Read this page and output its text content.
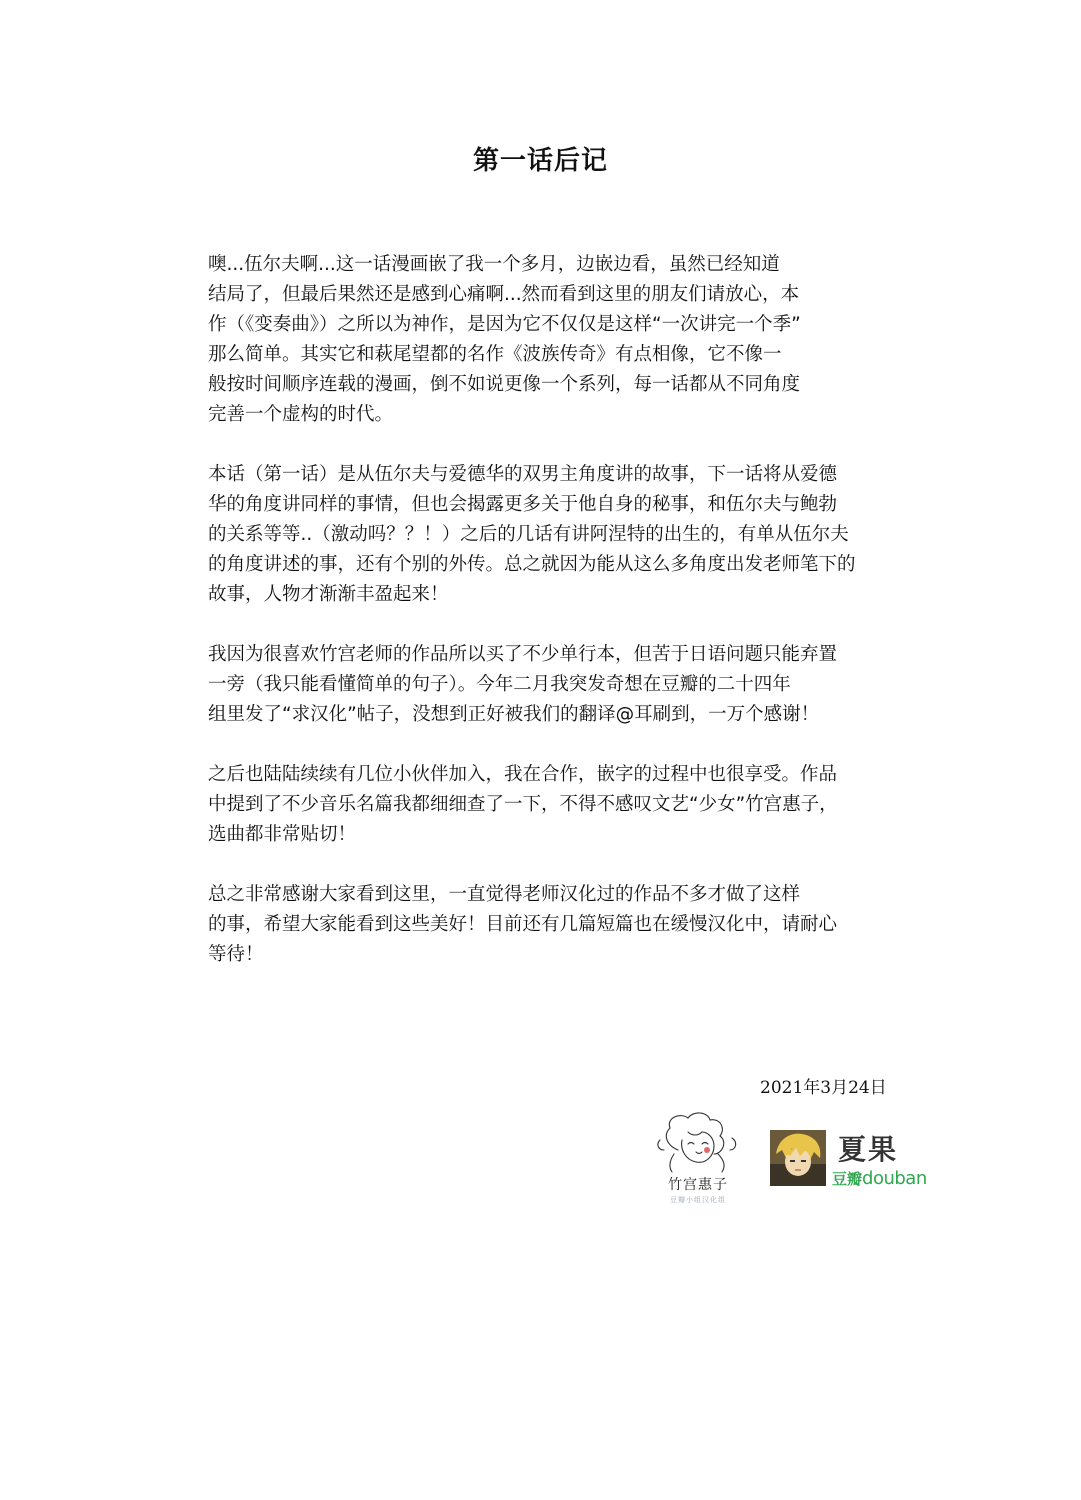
第一话后记
噢...伍尔夫啊...这一话漫画嵌了我一个多月，边嵌边看，虽然已经知道
结局了，但最后果然还是感到心痛啊...然而看到这里的朋友们请放心，本
作（《变奏曲》）之所以为神作，是因为它不仅仅是这样“一次讲完一个季”
那么简单。其实它和萩尾望都的名作《波族传奇》有点相像，它不像一
般按时间顺序连载的漫画，倒不如说更像一个系列，每一话都从不同角度
完善一个虚构的时代。
本话（第一话）是从伍尔夫与爱德华的双男主角度讲的故事，下一话将从爱德
华的角度讲同样的事情，但也会揭露更多关于他自身的秘事，和伍尔夫与鲍勃
的关系等等..（激动吗？？！）之后的几话有讲阿涅特的出生的，有单从伍尔夫
的角度讲述的事，还有个别的外传。总之就因为能从这么多角度出发老师笔下的
故事，人物才渐渐丰盈起来！
我因为很喜欢竹宫老师的作品所以买了不少单行本，但苦于日语问题只能弃置
一旁（我只能看懂简单的句子）。今年二月我突发奇想在豆瓣的二十四年
组里发了“求汉化”帖子，没想到正好被我们的翻译@耳刷到，一万个感谢！
之后也陆陆续续有几位小伙伴加入，我在合作，嵌字的过程中也很享受。作品
中提到了不少音乐名篇我都细细查了一下，不得不感叹文艺“少女”竹宫惠子，
选曲都非常贴切！
总之非常感谢大家看到这里，一直觉得老师汉化过的作品不多才做了这样
的事，希望大家能看到这些美好！目前还有几篇短篇也在缓慢汉化中，请耐心
等待！
2021年3月24日
竹宫惠子
豆瓣小组汉化组
夏果
豆瓣douban
